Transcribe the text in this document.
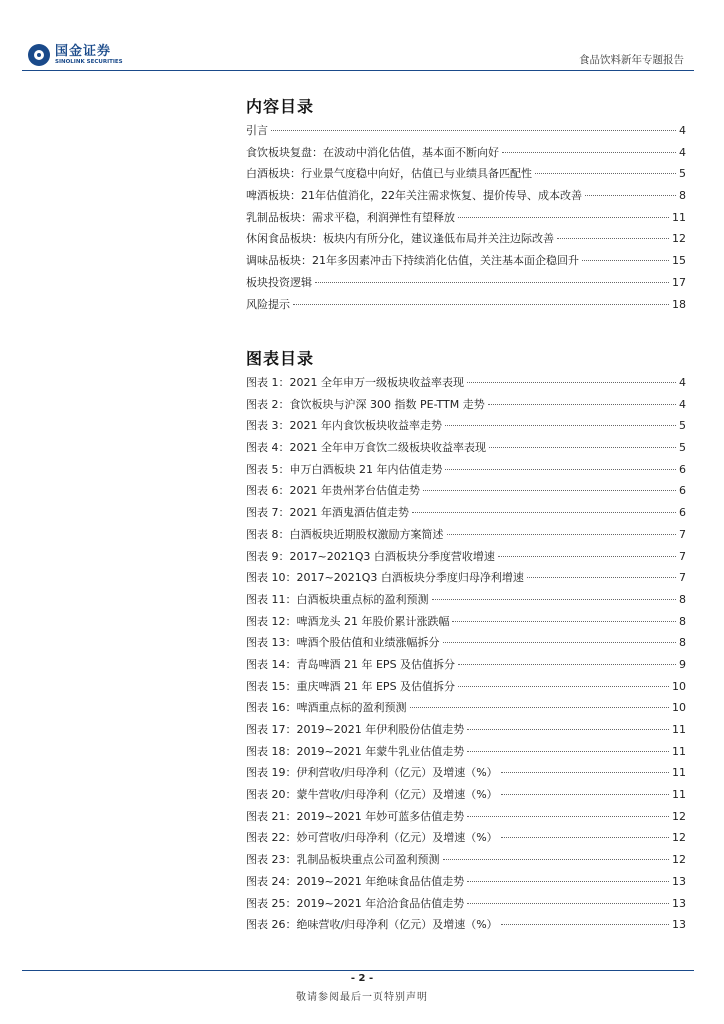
国金证券
SINOLINK SECURITIES	食品饮料新年专题报告
内容目录
引言	4
食饮板块复盘：在波动中消化估值，基本面不断向好	4
白酒板块：行业景气度稳中向好，估值已与业绩具备匹配性	5
啤酒板块：21年估值消化，22年关注需求恢复、提价传导、成本改善	8
乳制品板块：需求平稳，利润弹性有望释放	11
休闲食品板块：板块内有所分化，建议逢低布局并关注边际改善	12
调味品板块：21年多因素冲击下持续消化估值，关注基本面企稳回升	15
板块投资逻辑	17
风险提示	18
图表目录
图表 1：2021 全年申万一级板块收益率表现	4
图表 2：食饮板块与沪深 300 指数 PE-TTM 走势	4
图表 3：2021 年内食饮板块收益率走势	5
图表 4：2021 全年申万食饮二级板块收益率表现	5
图表 5：申万白酒板块 21 年内估值走势	6
图表 6：2021 年贵州茅台估值走势	6
图表 7：2021 年酒鬼酒估值走势	6
图表 8：白酒板块近期股权激励方案简述	7
图表 9：2017~2021Q3 白酒板块分季度营收增速	7
图表 10：2017~2021Q3 白酒板块分季度归母净利增速	7
图表 11：白酒板块重点标的盈利预测	8
图表 12：啤酒龙头 21 年股价累计涨跌幅	8
图表 13：啤酒个股估值和业绩涨幅拆分	8
图表 14：青岛啤酒 21 年 EPS 及估值拆分	9
图表 15：重庆啤酒 21 年 EPS 及估值拆分	10
图表 16：啤酒重点标的盈利预测	10
图表 17：2019~2021 年伊利股份估值走势	11
图表 18：2019~2021 年蒙牛乳业估值走势	11
图表 19：伊利营收/归母净利（亿元）及增速（%）	11
图表 20：蒙牛营收/归母净利（亿元）及增速（%）	11
图表 21：2019~2021 年妙可蓝多估值走势	12
图表 22：妙可营收/归母净利（亿元）及增速（%）	12
图表 23：乳制品板块重点公司盈利预测	12
图表 24：2019~2021 年绝味食品估值走势	13
图表 25：2019~2021 年洽洽食品估值走势	13
图表 26：绝味营收/归母净利（亿元）及增速（%）	13
- 2 -
敬请参阅最后一页特别声明
